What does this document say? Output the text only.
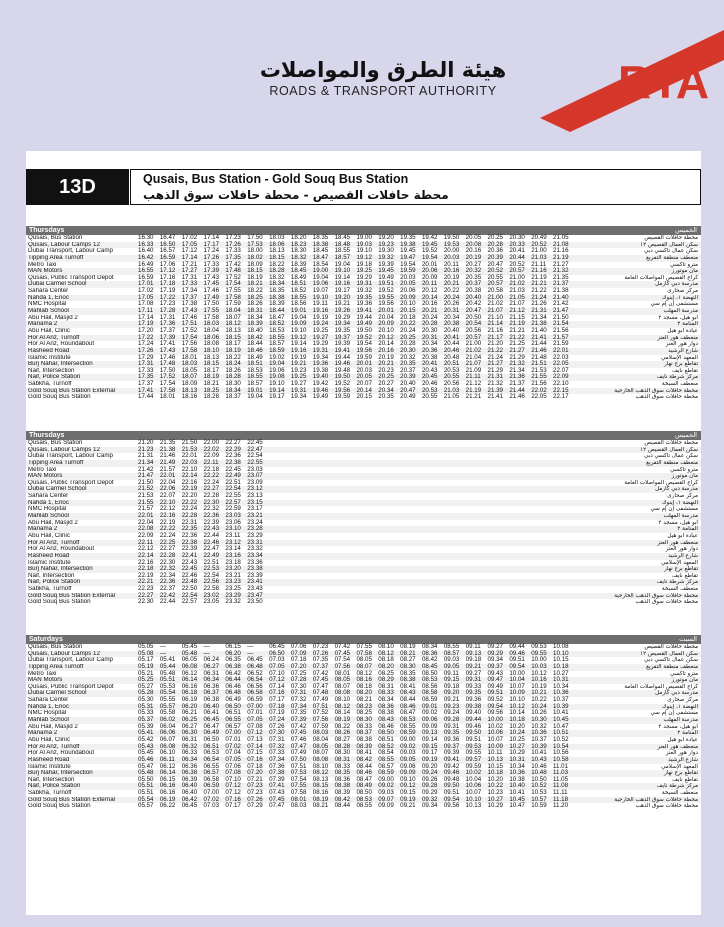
هيئة الطرق والمواصلات
ROADS & TRANSPORT AUTHORITY	RTA
13D	Qusais, Bus Station - Gold Souq Bus Station
محطة حافلات القصيص - محطة حافلات سوق الذهب
Thursdays	الخميس
Qusais, Bus Station	16.30 16.47 17.02 17.14 17.23 17.50 18.03 18.20 18.35 18.45 19.00 19.20 19.35 19.42 19.50 20.05 20.25 20.30 20.49 21.05	محطة حافلات القصيص
Qusais, Labour Camps 12	16.33 16.50 17.05 17.17 17.26 17.53 18.06 18.23 18.38 18.48 19.03 19.23 19.38 19.45 19.53 20.08 20.28 20.33 20.52 21.08	سكن العمال القصيص ١٢
Dubai Transport, Labour Camp	16.40 16.57 17.12 17.24 17.33 18.00 18.13 18.30 18.45 18.55 19.10 19.30 19.45 19.52 20.00 20.16 20.36 20.41 21.00 21.16	سكن عمال تاكسي دبي
Tipping Area Turnoff	16.42 16.59 17.14 17.26 17.35 18.02 18.15 18.32 18.47 18.57 19.12 19.32 19.47 19.54 20.03 20.19 20.39 20.44 21.03 21.19	منعطف منطقة التفريغ
Metro Taxi	16.49 17.06 17.21 17.33 17.42 18.09 18.22 18.39 18.54 19.04 19.18 19.39 19.54 20.01 20.11 20.27 20.47 20.52 21.11 21.27	مترو تاكسي
MAN Motors	16.55 17.12 17.27 17.39 17.48 18.15 18.28 18.45 19.00 19.10 19.25 19.45 19.59 20.06 20.16 20.32 20.52 20.57 21.16 21.32	مان موتورز
Qusais, Public Transport Depot	16.59 17.16 17.31 17.43 17.52 18.19 18.32 18.49 19.04 19.14 19.29 19.49 20.03 20.09 20.19 20.35 20.55 21.00 21.19 21.35	كراج القصيص المواصلات العامة
Dubai Carmel School	17.01 17.18 17.33 17.45 17.54 18.21 18.34 18.51 19.06 19.16 19.31 19.51 20.05 20.11 20.21 20.37 20.57 21.02 21.21 21.37	مدرسة دبي كارمل
Sahara Center	17.02 17.19 17.34 17.46 17.55 18.22 18.35 18.52 19.07 19.17 19.32 19.52 20.06 20.12 20.22 20.38 20.58 21.03 21.22 21.38	مركز صحارى
Nahda 1, Enoc	17.05 17.22 17.37 17.49 17.58 18.25 18.38 18.55 19.10 19.20 19.35 19.55 20.09 20.14 20.24 20.40 21.00 21.05 21.24 21.40	النهضة ١، إينوك
NMC Hospital	17.08 17.23 17.38 17.50 17.59 18.26 18.39 18.56 19.11 19.21 19.36 19.56 20.10 20.16 20.26 20.42 21.02 21.07 21.26 21.42	مستشفى إن إم سي
Mahlab School	17.11 17.28 17.43 17.55 18.04 18.31 18.44 19.01 19.16 19.26 19.41 20.01 20.15 20.21 20.31 20.47 21.07 21.12 21.31 21.47	مدرسة المهلب
Abu Hail, Masjid 2	17.14 17.31 17.46 17.58 18.07 18.34 18.47 19.04 19.19 19.29 19.44 20.04 20.18 20.24 20.34 20.50 21.10 21.15 21.34 21.50	أبو هيل، مسجد ٢
Manama 2	17.19 17.36 17.51 18.03 18.12 18.39 18.52 19.09 19.24 19.34 19.49 20.09 20.22 20.28 20.38 20.54 21.14 21.19 21.38 21.54	المنامة ٢
Abu Hail, Clinic	17.20 17.37 17.52 18.04 18.13 18.40 18.53 19.10 19.25 19.35 19.50 20.10 20.24 20.30 20.40 20.56 21.16 21.21 21.40 21.56	عيادة أبو هيل
Hor Al Anz, Turnoff	17.22 17.39 17.54 18.06 18.15 18.42 18.55 19.12 19.27 19.37 19.52 20.12 20.25 20.31 20.41 20.57 21.17 21.22 21.41 21.57	منعطف هور العنز
Hor Al Anz, Roundabout	17.24 17.41 17.56 18.08 18.17 18.44 18.57 19.14 19.29 19.39 19.54 20.14 20.28 20.34 20.44 21.00 21.20 21.25 21.44 21.59	دوار هور العنز
Rasheed Road	17.26 17.43 17.58 18.10 18.19 18.46 18.59 19.16 19.31 19.41 19.56 20.16 20.30 20.36 20.46 21.02 21.22 21.27 21.46 22.01	شارع الرشيد
Islamic Institute	17.29 17.46 18.01 18.13 18.22 18.49 19.02 19.19 19.34 19.44 19.59 20.19 20.32 20.38 20.48 21.04 21.24 21.29 21.48 22.03	المعهد الإسلامي
Burj Nahar, Intersection	17.31 17.48 18.03 18.15 18.24 18.51 19.04 19.21 19.36 19.46 20.01 20.21 20.35 20.41 20.51 21.07 21.27 21.32 21.51 22.05	تقاطع برج نهار
Naif, Intersection	17.33 17.50 18.05 18.17 18.26 18.53 19.06 19.23 19.38 19.48 20.03 20.23 20.37 20.43 20.53 21.09 21.29 21.34 21.53 22.07	تقاطع نايف
Naif, Police Station	17.35 17.52 18.07 18.19 18.28 18.55 19.08 19.25 19.40 19.50 20.05 20.25 20.39 20.45 20.55 21.11 21.31 21.36 21.55 22.09	مركز شرطة نايف
Sabkha, Turnoff	17.37 17.54 18.09 18.21 18.30 18.57 19.10 19.27 19.42 19.52 20.07 20.27 20.40 20.46 20.56 21.12 21.32 21.37 21.56 22.10	منعطف السبخة
Gold Souq Bus Station External	17.41 17.58 18.13 18.25 18.34 19.01 19.14 19.31 19.46 19.56 20.14 20.34 20.47 20.53 21.03 21.19 21.39 21.44 22.02 22.15	محطة حافلات سوق الذهب الخارجية
Gold Souq Bus Station	17.44 18.01 18.16 18.28 18.37 19.04 19.17 19.34 19.49 19.59 20.15 20.35 20.49 20.55 21.05 21.21 21.41 21.46 22.05 22.17	محطة حافلات سوق الذهب
Thursdays	الخميس
Qusais, Bus Station	21.20 21.35 21.50 22.00 22.27 22.45	محطة حافلات القصيص
Qusais, Labour Camps 12	21.23 21.38 21.53 22.02 22.29 22.47	سكن العمال القصيص ١٢
Dubai Transport, Labour Camp	21.31 21.46 22.01 22.09 22.36 22.54	سكن عمال تاكسي دبي
Tipping Area Turnoff	21.34 21.49 22.03 22.11 22.38 22.55	منعطف منطقة التفريغ
Metro Taxi	21.42 21.57 22.10 22.18 22.45 23.03	مترو تاكسي
MAN Motors	21.47 22.01 22.14 22.22 22.49 23.07	مان موتورز
Qusais, Public Transport Depot	21.50 22.04 22.16 22.24 22.51 23.09	كراج القصيص المواصلات العامة
Dubai Carmel School	21.52 22.06 22.19 22.27 22.54 23.12	مدرسة دبي كارمل
Sahara Center	21.53 22.07 22.20 22.28 22.55 23.13	مركز صحارى
Nahda 1, Enoc	21.55 22.10 22.22 22.30 22.57 23.15	النهضة ١، إينوك
NMC Hospital	21.57 22.12 22.24 22.32 22.59 23.17	مستشفى إن إم سي
Mahlab School	22.01 22.16 22.28 22.36 23.03 23.21	مدرسة المهلب
Abu Hail, Masjid 2	22.04 22.19 22.31 22.39 23.06 23.24	أبو هيل، مسجد ٢
Manama 2	22.08 22.22 22.35 22.43 23.10 23.28	المنامة ٢
Abu Hail, Clinic	22.09 22.24 22.36 22.44 23.11 23.29	عيادة أبو هيل
Hor Al Anz, Turnoff	22.11 22.25 22.38 22.46 23.12 23.31	منعطف هور العنز
Hor Al Anz, Roundabout	22.12 22.27 22.39 22.47 23.14 23.32	دوار هور العنز
Rasheed Road	22.14 22.28 22.41 22.49 23.16 23.34	شارع الرشيد
Islamic Institute	22.16 22.30 22.43 22.51 23.18 23.36	المعهد الإسلامي
Burj Nahar, Intersection	22.18 22.32 22.45 22.53 23.20 23.38	تقاطع برج نهار
Naif, Intersection	22.19 22.34 22.46 22.54 23.21 23.39	تقاطع نايف
Naif, Police Station	22.21 22.36 22.48 22.56 23.23 23.41	مركز شرطة نايف
Sabkha, Turnoff	22.23 22.37 22.50 22.58 23.25 23.43	منعطف السبخة
Gold Souq Bus Station External	22.27 22.42 22.54 23.02 23.29 23.47	محطة حافلات سوق الذهب الخارجية
Gold Souq Bus Station	22.30 22.44 22.57 23.05 23.32 23.50	محطة حافلات سوق الذهب
Saturdays	السبت
Qusais, Bus Station	05.05 —	05.45 —	06.15 —	06.45 07.06 07.23 07.42 07.55 08.10 08.19 08.34 08.55 09.11 09.27 09.44 09.53 10.08	محطة حافلات القصيص
Qusais, Labour Camps 12	05.08 —	05.48 —	06.20 —	06.50 07.09 07.26 07.45 07.58 08.12 08.21 08.36 08.57 09.13 09.29 09.46 09.55 10.10	سكن العمال القصيص ١٢
Dubai Transport, Labour Camp	05.17 05.41 06.05 06.24 06.35 06.45 07.03 07.18 07.35 07.54 08.05 08.18 08.27 08.42 09.03 09.18 09.34 09.51 10.00 10.15	سكن عمال تاكسي دبي
Tipping Area Turnoff	05.19 05.44 06.08 06.27 06.38 06.48 07.05 07.20 07.37 07.56 08.07 08.20 08.30 08.45 09.05 09.21 09.37 09.54 10.03 10.18	منعطف منطقة التفريغ
Metro Taxi	05.21 05.48 06.12 06.31 06.42 06.52 07.10 07.25 07.42 08.01 08.12 08.25 08.35 08.50 09.11 09.27 09.43 10.00 10.12 10.27	مترو تاكسي
MAN Motors	05.25 05.51 06.14 06.34 06.44 06.54 07.12 07.28 07.45 08.05 08.16 08.29 08.38 08.53 09.15 09.31 09.47 10.04 10.16 10.31	مان موتورز
Qusais, Public Transport Depot	05.27 05.53 06.16 06.36 06.46 06.56 07.14 07.30 07.47 08.07 08.18 08.31 08.41 08.56 09.18 09.33 09.49 10.07 10.19 10.34	كراج القصيص المواصلات العامة
Dubai Carmel School	05.28 05.54 06.18 06.37 06.48 06.58 07.16 07.31 07.48 08.08 08.20 08.33 08.43 08.58 09.20 09.35 09.51 10.09 10.21 10.36	مدرسة دبي كارمل
Sahara Center	05.30 05.55 06.19 06.38 06.49 06.59 07.17 07.32 07.49 08.10 08.21 08.34 08.44 08.59 09.21 09.36 09.52 10.10 10.22 10.37	مركز صحارى
Nahda 1, Enoc	05.31 05.57 06.20 06.40 06.50 07.00 07.18 07.34 07.51 08.12 08.23 08.36 08.46 09.01 09.23 09.38 09.54 10.12 10.24 10.39	النهضة ١، إينوك
NMC Hospital	05.33 05.58 06.21 06.41 06.51 07.01 07.19 07.35 07.52 08.14 08.25 08.38 08.47 09.02 09.24 09.40 09.56 10.14 10.26 10.41	مستشفى إن إم سي
Mahlab School	05.37 06.02 06.25 06.45 06.55 07.05 07.24 07.39 07.56 08.19 08.30 08.43 08.53 09.06 09.28 09.44 10.00 10.18 10.30 10.45	مدرسة المهلب
Abu Hail, Masjid 2	05.39 06.04 06.27 06.47 06.57 07.08 07.26 07.42 07.59 08.22 08.33 08.46 08.55 09.09 09.31 09.46 10.02 10.20 10.32 10.47	أبو هيل، مسجد ٢
Manama 2	05.41 06.06 06.30 06.49 07.00 07.12 07.30 07.45 08.03 08.26 08.37 08.50 08.59 09.13 09.35 09.50 10.06 10.24 10.36 10.51	المنامة ٢
Abu Hail, Clinic	05.42 06.07 06.31 06.50 07.01 07.13 07.31 07.46 08.04 08.27 08.38 08.51 09.00 09.14 09.36 09.51 10.07 10.25 10.37 10.52	عيادة أبو هيل
Hor Al Anz, Turnoff	05.43 06.08 06.32 06.51 07.02 07.14 07.32 07.47 08.05 08.28 08.39 08.52 09.02 09.15 09.37 09.53 10.09 10.27 10.39 10.54	منعطف هور العنز
Hor Al Anz, Roundabout	05.45 06.10 06.33 06.53 07.04 07.15 07.33 07.49 08.07 08.30 08.41 08.54 09.03 09.17 09.39 09.55 10.11 10.29 10.41 10.56	دوار هور العنز
Rasheed Road	05.46 06.11 06.34 06.54 07.05 07.16 07.34 07.50 08.08 08.31 08.42 08.55 09.05 09.19 09.41 09.57 10.13 10.31 10.43 10.58	شارع الرشيد
Islamic Institute	05.47 06.12 06.36 06.55 07.06 07.18 07.36 07.51 08.10 08.33 08.44 08.57 09.06 09.20 09.42 09.59 10.15 10.34 10.46 11.01	المعهد الإسلامي
Burj Nahar, Intersection	05.48 06.14 06.38 06.57 07.08 07.20 07.38 07.53 08.12 08.35 08.46 08.59 09.09 09.24 09.46 10.02 10.18 10.36 10.48 11.03	تقاطع برج نهار
Naif, Intersection	05.50 06.15 06.39 06.58 07.10 07.21 07.39 07.54 08.13 08.36 08.47 09.00 09.10 09.26 09.48 10.04 10.20 10.38 10.50 11.05	تقاطع نايف
Naif, Police Station	05.51 06.16 06.40 06.59 07.12 07.23 07.41 07.55 08.15 08.38 08.49 09.02 09.12 09.28 09.50 10.06 10.22 10.40 10.52 11.08	مركز شرطة نايف
Sabkha, Turnoff	05.51 06.16 06.40 07.00 07.12 07.23 07.43 07.58 08.16 08.39 08.50 09.03 09.15 09.29 09.51 10.07 10.23 10.41 10.53 11.11	منعطف السبخة
Gold Souq Bus Station External	05.54 06.19 06.42 07.02 07.16 07.26 07.45 08.01 08.19 08.42 08.53 09.07 09.19 09.32 09.54 10.10 10.27 10.45 10.57 11.18	محطة حافلات سوق الذهب الخارجية
Gold Souq Bus Station	05.57 06.22 06.45 07.03 07.17 07.29 07.47 08.03 08.21 08.44 08.55 09.09 09.21 09.34 09.56 10.13 10.29 10.47 10.59 11.20	محطة حافلات سوق الذهب
